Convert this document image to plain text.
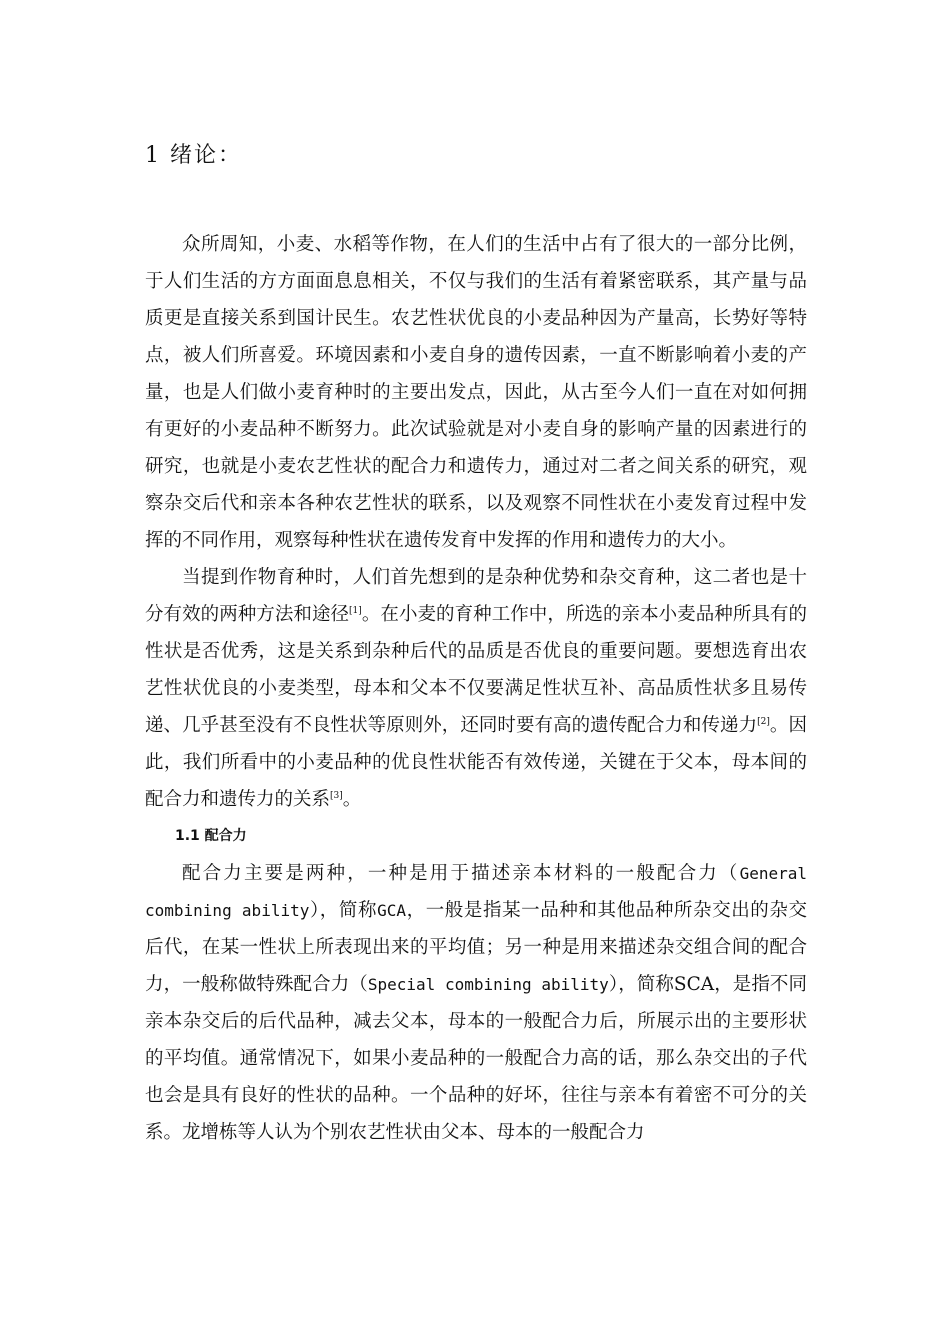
1 绪论：

众所周知，小麦、水稻等作物，在人们的生活中占有了很大的一部分比例，于人们生活的方方面面息息相关，不仅与我们的生活有着紧密联系，其产量与品质更是直接关系到国计民生。农艺性状优良的小麦品种因为产量高，长势好等特点，被人们所喜爱。环境因素和小麦自身的遗传因素，一直不断影响着小麦的产量，也是人们做小麦育种时的主要出发点，因此，从古至今人们一直在对如何拥有更好的小麦品种不断努力。此次试验就是对小麦自身的影响产量的因素进行的研究，也就是小麦农艺性状的配合力和遗传力，通过对二者之间关系的研究，观察杂交后代和亲本各种农艺性状的联系，以及观察不同性状在小麦发育过程中发挥的不同作用，观察每种性状在遗传发育中发挥的作用和遗传力的大小。

当提到作物育种时，人们首先想到的是杂种优势和杂交育种，这二者也是十分有效的两种方法和途径[1]。在小麦的育种工作中，所选的亲本小麦品种所具有的性状是否优秀，这是关系到杂种后代的品质是否优良的重要问题。要想选育出农艺性状优良的小麦类型，母本和父本不仅要满足性状互补、高品质性状多且易传递、几乎甚至没有不良性状等原则外，还同时要有高的遗传配合力和传递力[2]。因此，我们所看中的小麦品种的优良性状能否有效传递，关键在于父本，母本间的配合力和遗传力的关系[3]。

1.1 配合力

配合力主要是两种，一种是用于描述亲本材料的一般配合力（General combining ability），简称GCA，一般是指某一品种和其他品种所杂交出的杂交后代，在某一性状上所表现出来的平均值；另一种是用来描述杂交组合间的配合力，一般称做特殊配合力（Special combining ability），简称SCA，是指不同亲本杂交后的后代品种，减去父本，母本的一般配合力后，所展示出的主要形状的平均值。通常情况下，如果小麦品种的一般配合力高的话，那么杂交出的子代也会是具有良好的性状的品种。一个品种的好坏，往往与亲本有着密不可分的关系。龙增栋等人认为个别农艺性状由父本、母本的一般配合力
